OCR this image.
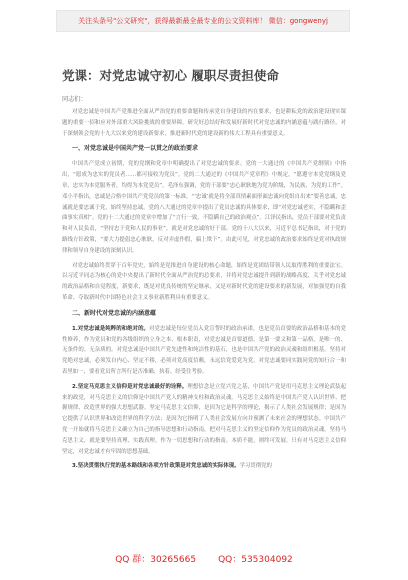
关注头条号"公文研究"，获得最新最全最专业的公文资料库！ 微信：gongwenyj
党课：对党忠诚守初心 履职尽责担使命
同志们：

对党忠诚是中国共产党推进全面从严治党的重要命题和传承党自身建设的内在要求，也是耕耘党的政治建设现实课题的重要一招和应对外部重大风险挑战的重要屏障。研究好总结好和发展好新时代对党忠诚的内涵意蕴与践行路径，对于深刻领会党的十九大以来党的建设新要求，推进新时代党的建设新的伟大工程具有重要意义。

一、对党忠诚是中国共产党一以贯之的政治要求

中国共产党成立初期，党的党纲和党章中明确提出了对党忠诚的要求。党的一大通过的《中国共产党纲领》中指出，“愿成为忠实的党员者……都可接收为党员”。党的二大通过的《中国共产党章程》中规定，“愿遵守本党党纲及党章，忠实为本党服务者，均得为本党党员”。毛泽东强调，党的干部要“忠心耿耿地为党为阶级，为民族，为党的工作”。邓小平指出，忠诚是合格中国共产党党员的第一标准，“‘忠诚’就是将全部真情素面形面忠诚向党组自出来”要善忠诚，忠诚就是要忠诚于党，始终坚持忠诚。党的八大通过的党章中提出了党员忠诚的具体要求，即“对党忠诚老实，不隐瞒和歪曲事实真相”。党的十二大通过的党章中增加了“言行一致，不隐瞒自己的政治观点”。江泽民指出，党员干部要对党负责和对人民负责，“坚持忠于党和人民的事业”，就是对党忠诚的好干部。党的十八大以来，习近平总书记指出，对于党的路线方针政策，“要大力提倡忠心耿耿，反对弄虚作假，搞上欺下”。由此可见，对党忠诚的政治要求始终是党对执政规律和领导自身建设的深刻认识。

对党忠诚始终贯穿于百年党史，始终是党推进自身建设的核心命题，始终是党团结带领人民取得胜利的重要法宝。以习近平同志为核心的党中央提出了新时代全面从严治党的总要求，并将对党忠诚提升到新的战略高度，关乎对党忠诚的政治品格和自觉程度，新要求，既是对优良传统的坚定继承，又是对新时代党的建设要求的新发展，对加强党的自我革命、夺取新时代中国特色社会主义事业新胜利具有重要意义。

二、新时代对党忠诚的内涵意蕴

1.对党忠诚是纯粹的和绝对的。对党忠诚是每位党员入党宣誓时的政治承诺，也是党员首要的政治品格和基本的党性修养，作为党员和党的各级组织的立身之本、根本职责，对党忠诚是首要道德，是第一要义和第一品格，是唯一的、无条件的、无杂质的。对党忠诚是中国共产党先进性和纯洁性的基石，也是中国共产党的政治灵魂和组织根基。坚持对党绝对忠诚，必须发自内心、坚定不移，必须对党高度信赖，永远信党爱党为党。对党忠诚要同实践同党的知行合一和表里如一，要看党员所言所行是否准确、执着、经受住考验。

2.坚定马克思主义信仰是对党忠诚最好的诠释。理想信念是立党兴党之基，中国共产党是用马克思主义理论武装起来的政党，对马克思主义的信仰是中国共产党人的精神支柱和政治灵魂。马克思主义始终是中国共产党人认识世界、把握规律、改造世界的强大思想武器。坚定马克思主义信仰，是因为它是科学的理论，揭示了人类社会发展规律；是因为它提供了认识世界和改造世界的科学方法；是因为它指明了人类社会发展方向并预测了未来社会的理想状态。中国共产党一开始就将马克思主义确立为自己的指导思想和行动指南，把对马克思主义的坚定信仰作为党员的政治灵魂。坚持马克思主义，就是要坚持真理、实践真理。作为一切思想和行动的指南。本质不能，则终可发展。只有对马克思主义信仰坚定，对党忠诚才有牢固的思想基础。

3.坚决贯彻执行党的基本路线和各项方针政策是对党忠诚的实际体现。学习贯彻党的

QQ 群：30265665 QQ：535304092
